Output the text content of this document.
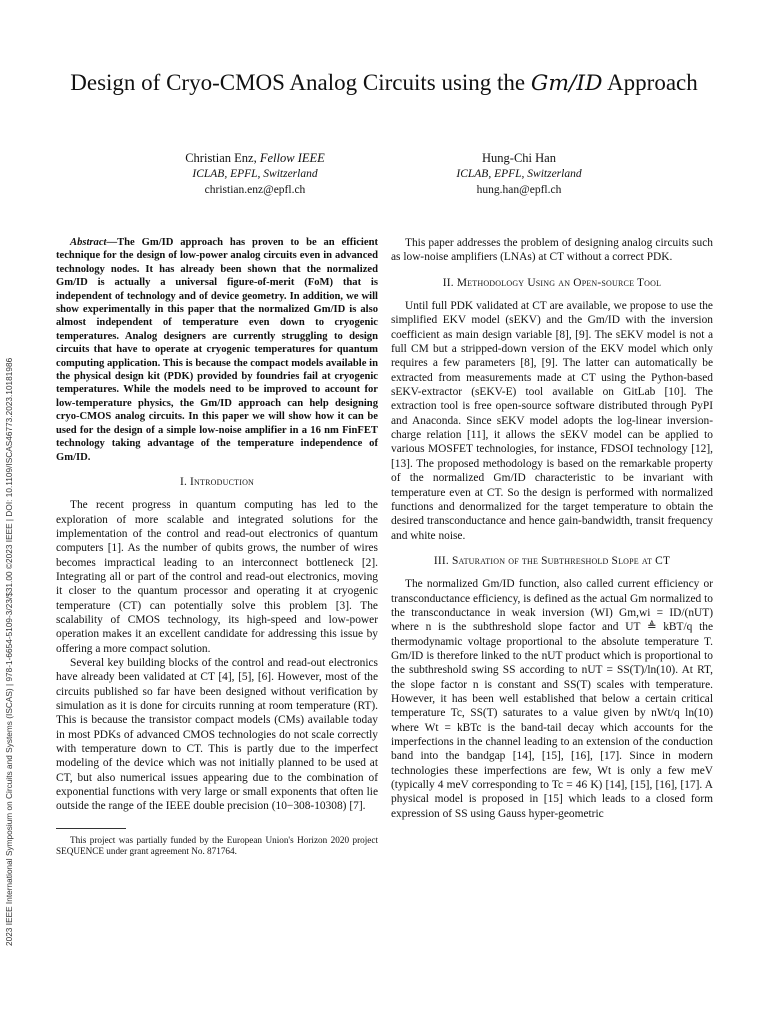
2023 IEEE International Symposium on Circuits and Systems (ISCAS) | 978-1-6654-5109-3/23/$31.00 ©2023 IEEE | DOI: 10.1109/ISCAS46773.2023.10181986
Design of Cryo-CMOS Analog Circuits using the Gm/ID Approach
Christian Enz, Fellow IEEE
ICLAB, EPFL, Switzerland
christian.enz@epfl.ch
Hung-Chi Han
ICLAB, EPFL, Switzerland
hung.han@epfl.ch

Abstract—The Gm/ID approach has proven to be an efficient technique for the design of low-power analog circuits even in advanced technology nodes. It has already been shown that the normalized Gm/ID is actually a universal figure-of-merit (FoM) that is independent of technology and of device geometry. In addition, we will show experimentally in this paper that the normalized Gm/ID is also almost independent of temperature even down to cryogenic temperatures. Analog designers are currently struggling to design circuits that have to operate at cryogenic temperatures for quantum computing application. This is because the compact models available in the physical design kit (PDK) provided by foundries fail at cryogenic temperatures. While the models need to be improved to account for low-temperature physics, the Gm/ID approach can help designing cryo-CMOS analog circuits. In this paper we will show how it can be used for the design of a simple low-noise amplifier in a 16 nm FinFET technology taking advantage of the temperature independence of Gm/ID.

I. Introduction

The recent progress in quantum computing has led to the exploration of more scalable and integrated solutions for the implementation of the control and read-out electronics of quantum computers [1]. As the number of qubits grows, the number of wires becomes impractical leading to an interconnect bottleneck [2]. Integrating all or part of the control and read-out electronics, moving it closer to the quantum processor and operating it at cryogenic temperature (CT) can potentially solve this problem [3]. The scalability of CMOS technology, its high-speed and low-power operation makes it an excellent candidate for addressing this issue by offering a more compact solution.

Several key building blocks of the control and read-out electronics have already been validated at CT [4], [5], [6]. However, most of the circuits published so far have been designed without verification by simulation as it is done for circuits running at room temperature (RT). This is because the transistor compact models (CMs) available today in most PDKs of advanced CMOS technologies do not scale correctly with temperature down to CT. This is partly due to the imperfect modeling of the device which was not initially planned to be used at CT, but also numerical issues appearing due to the combination of exponential functions with very large or small exponents that often lie outside the range of the IEEE double precision (10−308-10308) [7].

This project was partially funded by the European Union's Horizon 2020 project SEQUENCE under grant agreement No. 871764.

This paper addresses the problem of designing analog circuits such as low-noise amplifiers (LNAs) at CT without a correct PDK.

II. Methodology Using an Open-source Tool

Until full PDK validated at CT are available, we propose to use the simplified EKV model (sEKV) and the Gm/ID with the inversion coefficient as main design variable [8], [9]. The sEKV model is not a full CM but a stripped-down version of the EKV model which only requires a few parameters [8], [9]. The latter can automatically be extracted from measurements made at CT using the Python-based sEKV-extractor (sEKV-E) tool available on GitLab [10]. The extraction tool is free open-source software distributed through PyPI and Anaconda. Since sEKV model adopts the log-linear inversion-charge relation [11], it allows the sEKV model can be applied to various MOSFET technologies, for instance, FDSOI technology [12], [13]. The proposed methodology is based on the remarkable property of the normalized Gm/ID characteristic to be invariant with temperature even at CT. So the design is performed with normalized functions and denormalized for the target temperature to obtain the desired transconductance and hence gain-bandwidth, transit frequency and white noise.

III. Saturation of the Subthreshold Slope at CT

The normalized Gm/ID function, also called current efficiency or transconductance efficiency, is defined as the actual Gm normalized to the transconductance in weak inversion (WI) Gm,wi = ID/(nUT) where n is the subthreshold slope factor and UT ≜ kBT/q the thermodynamic voltage proportional to the absolute temperature T. Gm/ID is therefore linked to the nUT product which is proportional to the subthreshold swing SS according to nUT = SS(T)/ln(10). At RT, the slope factor n is constant and SS(T) scales with temperature. However, it has been well established that below a certain critical temperature Tc, SS(T) saturates to a value given by nWt/q ln(10) where Wt = kBTc is the band-tail decay which accounts for the imperfections in the channel leading to an extension of the conduction band into the bandgap [14], [15], [16], [17]. Since in modern technologies these imperfections are few, Wt is only a few meV (typically 4 meV corresponding to Tc = 46 K) [14], [15], [16], [17]. A physical model is proposed in [15] which leads to a closed form expression of SS using Gauss hyper-geometric
